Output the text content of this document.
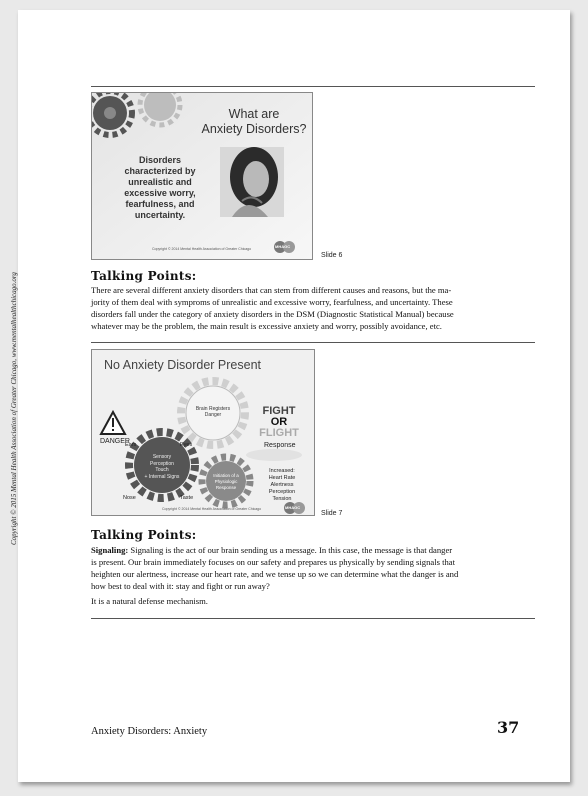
Copyright © 2015 Mental Health Association of Greater Chicago, www.mentalhealthchicago.org
What are
Anxiety Disorders?
Disorders
characterized by
unrealistic and
excessive worry,
fearfulness, and
uncertainty.
Copyright © 2014 Mental Health Association of Greater Chicago	MHAGC
Slide 6
Talking Points:

There are several different anxiety disorders that can stem from different causes and reasons, but the ma-

jority of them deal with symproms of unrealistic and excessive worry, fearfulness, and uncertainty. These

disorders fall under the category of anxiety disorders in the DSM (Diagnostic Statistical Manual) because

whatever may be the problem, the main result is excessive anxiety and worry, possibly avoidance, etc.

No Anxiety Disorder Present
DANGER
Brain Registers
Danger	FIGHT
OR
FLIGHT
Response
Ears	Eyes
Nose	Taste
Sensory
Perception
Touch
+ Internal Signs	Initiation of a
Physiologic
Response
Increased:
Heart Rate
Alertness
Perception
Tension
Copyright © 2014 Mental Health Association of Greater Chicago	MHAGC
Slide 7
Talking Points:

Signaling: Signaling is the act of our brain sending us a message. In this case, the message is that danger

is present. Our brain immediately focuses on our safety and prepares us physically by sending signals that

heighten our alertness, increase our heart rate, and we tense up so we can determine what the danger is and

how best to deal with it: stay and fight or run away?

It is a natural defense mechanism.

Anxiety Disorders: Anxiety	37
